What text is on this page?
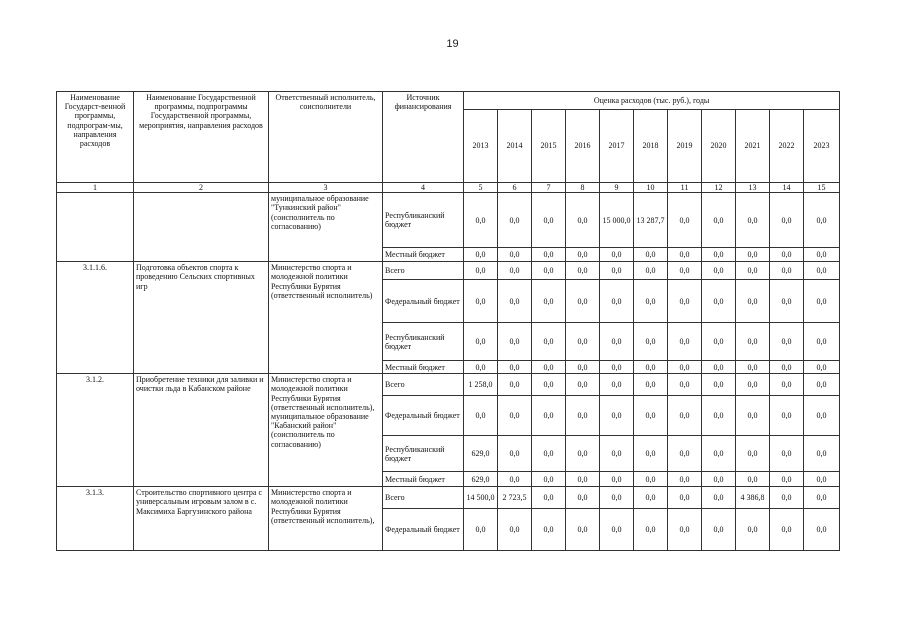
19
Наименование Государст-венной программы, подпрограм-мы, направления расходов	Наименование Государственной программы, подпрограммы Государственной программы, мероприятия, направления расходов	Ответственный исполнитель, соисполнители	Источник финансирования	Оценка расходов (тыс. руб.), годы										
				2013	2014	2015	2016	2017	2018	2019	2020	2021	2022	2023
1	2	3	4	5	6	7	8	9	10	11	12	13	14	15
		муниципальное образование "Тункинский район" (соисполнитель по согласованию)	Республиканский бюджет	0,0	0,0	0,0	0,0	15 000,0	13 287,7	0,0	0,0	0,0	0,0	0,0
			Местный бюджет	0,0	0,0	0,0	0,0	0,0	0,0	0,0	0,0	0,0	0,0	0,0
3.1.1.6.	Подготовка объектов спорта к проведению Сельских спортивных игр	Министерство спорта и молодежной политики Республики Бурятия (ответственный исполнитель)	Всего	0,0	0,0	0,0	0,0	0,0	0,0	0,0	0,0	0,0	0,0	0,0
			Федеральный бюджет	0,0	0,0	0,0	0,0	0,0	0,0	0,0	0,0	0,0	0,0	0,0
			Республиканский бюджет	0,0	0,0	0,0	0,0	0,0	0,0	0,0	0,0	0,0	0,0	0,0
			Местный бюджет	0,0	0,0	0,0	0,0	0,0	0,0	0,0	0,0	0,0	0,0	0,0
3.1.2.	Приобретение техники для заливки и очистки льда в Кабанском районе	Министерство спорта и молодежной политики Республики Бурятия (ответственный исполнитель), муниципальное образование "Кабанский район" (соисполнитель по согласованию)	Всего	1 258,0	0,0	0,0	0,0	0,0	0,0	0,0	0,0	0,0	0,0	0,0
			Федеральный бюджет	0,0	0,0	0,0	0,0	0,0	0,0	0,0	0,0	0,0	0,0	0,0
			Республиканский бюджет	629,0	0,0	0,0	0,0	0,0	0,0	0,0	0,0	0,0	0,0	0,0
			Местный бюджет	629,0	0,0	0,0	0,0	0,0	0,0	0,0	0,0	0,0	0,0	0,0
3.1.3.	Строительство спортивного центра с универсальным игровым залом в с. Максимиха Баргузинского района	Министерство спорта и молодежной политики Республики Бурятия (ответственный исполнитель),	Всего	14 500,0	2 723,5	0,0	0,0	0,0	0,0	0,0	0,0	4 386,8	0,0	0,0
			Федеральный бюджет	0,0	0,0	0,0	0,0	0,0	0,0	0,0	0,0	0,0	0,0	0,0
